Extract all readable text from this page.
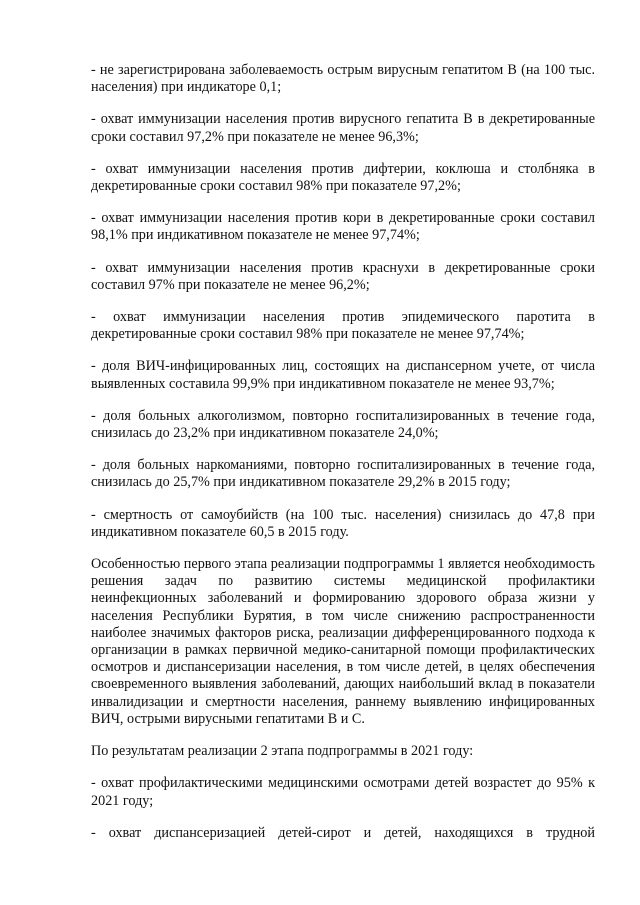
- не зарегистрирована заболеваемость острым вирусным гепатитом В (на 100 тыс. населения) при индикаторе 0,1;

- охват иммунизации населения против вирусного гепатита В в декретированные сроки составил 97,2% при показателе не менее 96,3%;

- охват иммунизации населения против дифтерии, коклюша и столбняка в декретированные сроки составил 98% при показателе 97,2%;

- охват иммунизации населения против кори в декретированные сроки составил 98,1% при индикативном показателе не менее 97,74%;

- охват иммунизации населения против краснухи в декретированные сроки составил 97% при показателе не менее 96,2%;

- охват иммунизации населения против эпидемического паротита в декретированные сроки составил 98% при показателе не менее 97,74%;

- доля ВИЧ-инфицированных лиц, состоящих на диспансерном учете, от числа выявленных составила 99,9% при индикативном показателе не менее 93,7%;

- доля больных алкоголизмом, повторно госпитализированных в течение года, снизилась до 23,2% при индикативном показателе 24,0%;

- доля больных наркоманиями, повторно госпитализированных в течение года, снизилась до 25,7% при индикативном показателе 29,2% в 2015 году;

- смертность от самоубийств (на 100 тыс. населения) снизилась до 47,8 при индикативном показателе 60,5 в 2015 году.

Особенностью первого этапа реализации подпрограммы 1 является необходимость решения задач по развитию системы медицинской профилактики неинфекционных заболеваний и формированию здорового образа жизни у населения Республики Бурятия, в том числе снижению распространенности наиболее значимых факторов риска, реализации дифференцированного подхода к организации в рамках первичной медико-санитарной помощи профилактических осмотров и диспансеризации населения, в том числе детей, в целях обеспечения своевременного выявления заболеваний, дающих наибольший вклад в показатели инвалидизации и смертности населения, раннему выявлению инфицированных ВИЧ, острыми вирусными гепатитами В и С.

По результатам реализации 2 этапа подпрограммы в 2021 году:

- охват профилактическими медицинскими осмотрами детей возрастет до 95% к 2021 году;

- охват диспансеризацией детей-сирот и детей, находящихся в трудной
